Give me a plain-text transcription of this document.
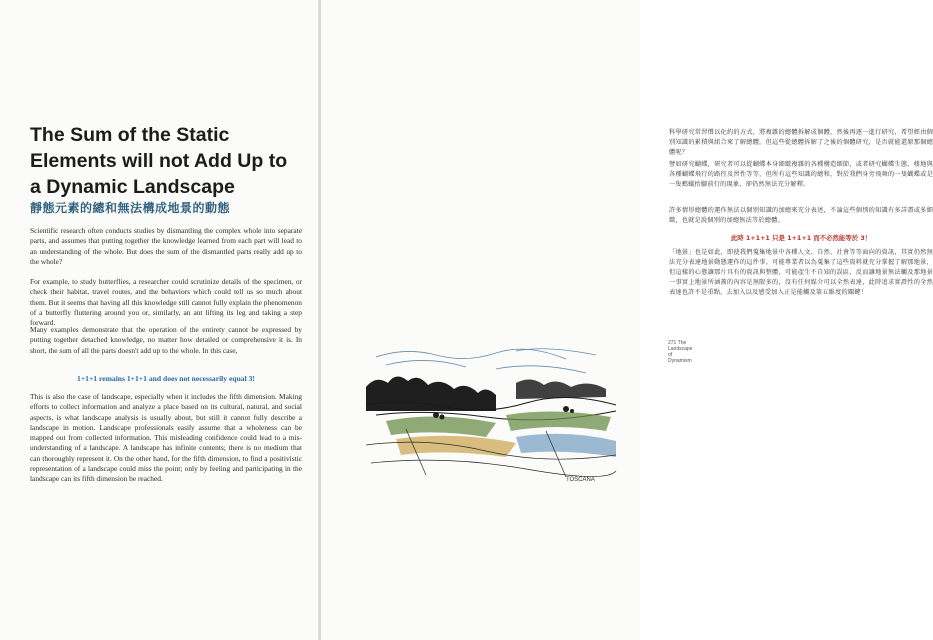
The Sum of the Static Elements will not Add Up to a Dynamic Landscape

靜態元素的總和無法構成地景的動態

Scientific research often conducts studies by dismantling the complex whole into separate parts, and assumes that putting together the knowledge learned from each part will lead to an understanding of the whole. But does the sum of the dismantled parts really add up to the whole?

For example, to study butterflies, a researcher could scrutinize details of the specimen, or check their habitat, travel routes, and the behaviors which could tell us so much about them. But it seems that having all this knowledge still cannot fully explain the phenomenon of a butterfly fluttering around you or, similarly, an ant lifting its leg and taking a step forward.

Many examples demonstrate that the operation of the entirety cannot be expressed by putting together detached knowledge, no matter how detailed or comprehensive it is. In short, the sum of all the parts doesn't add up to the whole. In this case,

1+1+1 remains 1+1+1 and does not necessarily equal 3!

This is also the case of landscape, especially when it includes the fifth dimension. Making efforts to collect information and analyze a place based on its cultural, natural, and social aspects, is what landscape analysis is usually about, but still it cannot fully describe a landscape in motion. Landscape professionals easily assume that a wholeness can be mapped out from collected information. This misleading confidence could lead to a mis-understanding of a landscape. A landscape has infinite contents; there is no medium that can thoroughly represent it. On the other hand, for the fifth dimension, to find a positivistic representation of a landscape could miss the point; only by feeling and participating in the landscape can its fifth dimension be reached.

科學研究常習慣以化約的方式，將複雜的總體拆解成個體，然後再逐一進行研究，希望經由個別知識的累積與組合來了解總體。但這些從總體拆解了之後的個體研究，是否就能還原那個總體呢？

譬如研究蝴蝶，研究者可以從蝴蝶本身細緻複雜的各種構造細節，或者研究蝴蝶生態、棲地與各種蝴蝶飛行的路徑及習性等等，但所有這些知識的總和，對於我們身旁飛舞的一隻蝴蝶或是一隻螞蟻抬腳前行的現象，卻仍然無法充分解釋。

許多情形總體的運作無法以個別知識的加總來充分表述，不論這些個別的知識有多詳盡或多細緻，也就是說個別的加總無法等於總體。

此時 1+1+1 只是 1+1+1 而不必然能等於 3！

「地景」也是如此，即使我們蒐集地景中各種人文、自然、社會等等面向的資訊，其實仍然無法充分表達地景動態運作的這件事。可能專業者以為蒐集了這些資料就充分掌握了解那地景，但這樣的心態讓那片具有的資訊與整體，可能產生不自知的誤區，反而讓地景無法觸及那地景一事實上地景所涵蓋的內容是無限多的，沒有任何媒介可以全然表達，此時追求實證性的全然表達也許不是重點，去加入以及感受加入正是能觸及第五維度的關鍵！

271 The Landscape of Dynamism

TOSCANA
